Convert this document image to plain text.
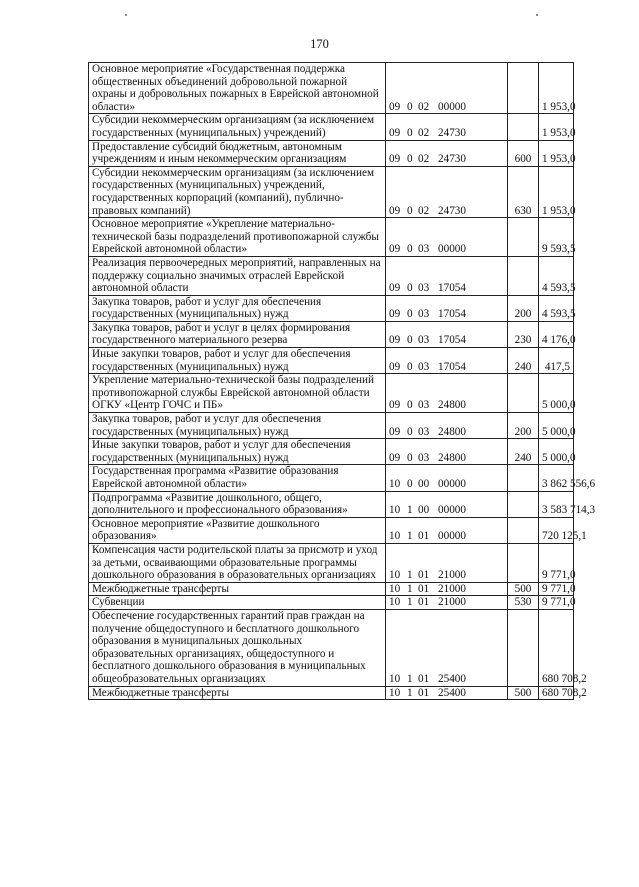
170
Основное мероприятие «Государственная поддержка общественных объединений добровольной пожарной охраны и добровольных пожарных в Еврейской автономной области»	09 0 02 00000		1 953,0
Субсидии некоммерческим организациям (за исключением государственных (муниципальных) учреждений)	09 0 02 24730		1 953,0
Предоставление субсидий бюджетным, автономным учреждениям и иным некоммерческим организациям	09 0 02 24730	600	1 953,0
Субсидии некоммерческим организациям (за исключением государственных (муниципальных) учреждений, государственных корпораций (компаний), публично-правовых компаний)	09 0 02 24730	630	1 953,0
Основное мероприятие «Укрепление материально-технической базы подразделений противопожарной службы Еврейской автономной области»	09 0 03 00000		9 593,5
Реализация первоочередных мероприятий, направленных на поддержку социально значимых отраслей Еврейской автономной области	09 0 03 17054		4 593,5
Закупка товаров, работ и услуг для обеспечения государственных (муниципальных) нужд	09 0 03 17054	200	4 593,5
Закупка товаров, работ и услуг в целях формирования государственного материального резерва	09 0 03 17054	230	4 176,0
Иные закупки товаров, работ и услуг для обеспечения государственных (муниципальных) нужд	09 0 03 17054	240	417,5
Укрепление материально-технической базы подразделений противопожарной службы Еврейской автономной области ОГКУ «Центр ГОЧС и ПБ»	09 0 03 24800		5 000,0
Закупка товаров, работ и услуг для обеспечения государственных (муниципальных) нужд	09 0 03 24800	200	5 000,0
Иные закупки товаров, работ и услуг для обеспечения государственных (муниципальных) нужд	09 0 03 24800	240	5 000,0
Государственная программа «Развитие образования Еврейской автономной области»	10 0 00 00000		3 862 556,6
Подпрограмма «Развитие дошкольного, общего, дополнительного и профессионального образования»	10 1 00 00000		3 583 714,3
Основное мероприятие «Развитие дошкольного образования»	10 1 01 00000		720 125,1
Компенсация части родительской платы за присмотр и уход за детьми, осваивающими образовательные программы дошкольного образования в образовательных организациях	10 1 01 21000		9 771,0
Межбюджетные трансферты	10 1 01 21000	500	9 771,0
Субвенции	10 1 01 21000	530	9 771,0
Обеспечение государственных гарантий прав граждан на получение общедоступного и бесплатного дошкольного образования в муниципальных дошкольных образовательных организациях, общедоступного и бесплатного дошкольного образования в муниципальных общеобразовательных организациях	10 1 01 25400		680 708,2
Межбюджетные трансферты	10 1 01 25400	500	680 708,2
